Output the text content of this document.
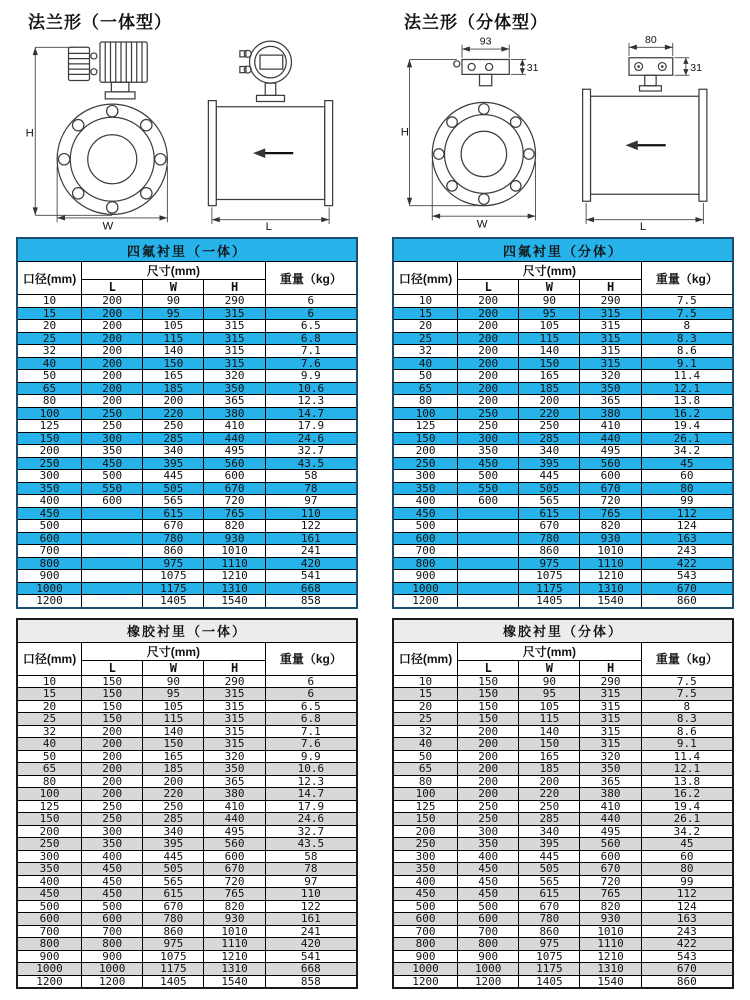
法兰形（一体型）
H
W	L
四氟衬里（一体）				
口径(mm)	尺寸(mm)			重量（kg）
	L	W	H	
10	200	90	290	6
15	200	95	315	6
20	200	105	315	6.5
25	200	115	315	6.8
32	200	140	315	7.1
40	200	150	315	7.6
50	200	165	320	9.9
65	200	185	350	10.6
80	200	200	365	12.3
100	250	220	380	14.7
125	250	250	410	17.9
150	300	285	440	24.6
200	350	340	495	32.7
250	450	395	560	43.5
300	500	445	600	58
350	550	505	670	78
400	600	565	720	97
450		615	765	110
500		670	820	122
600		780	930	161
700		860	1010	241
800		975	1110	420
900		1075	1210	541
1000		1175	1310	668
1200		1405	1540	858
橡胶衬里（一体）				
口径(mm)	尺寸(mm)			重量（kg）
	L	W	H	
10	150	90	290	6
15	150	95	315	6
20	150	105	315	6.5
25	150	115	315	6.8
32	200	140	315	7.1
40	200	150	315	7.6
50	200	165	320	9.9
65	200	185	350	10.6
80	200	200	365	12.3
100	200	220	380	14.7
125	250	250	410	17.9
150	250	285	440	24.6
200	300	340	495	32.7
250	350	395	560	43.5
300	400	445	600	58
350	450	505	670	78
400	450	565	720	97
450	450	615	765	110
500	500	670	820	122
600	600	780	930	161
700	700	860	1010	241
800	800	975	1110	420
900	900	1075	1210	541
1000	1000	1175	1310	668
1200	1200	1405	1540	858
法兰形（分体型）
93
31
H
W
80
31
L
四氟衬里（分体）				
口径(mm)	尺寸(mm)			重量（kg）
	L	W	H	
10	200	90	290	7.5
15	200	95	315	7.5
20	200	105	315	8
25	200	115	315	8.3
32	200	140	315	8.6
40	200	150	315	9.1
50	200	165	320	11.4
65	200	185	350	12.1
80	200	200	365	13.8
100	250	220	380	16.2
125	250	250	410	19.4
150	300	285	440	26.1
200	350	340	495	34.2
250	450	395	560	45
300	500	445	600	60
350	550	505	670	80
400	600	565	720	99
450		615	765	112
500		670	820	124
600		780	930	163
700		860	1010	243
800		975	1110	422
900		1075	1210	543
1000		1175	1310	670
1200		1405	1540	860
橡胶衬里（分体）				
口径(mm)	尺寸(mm)			重量（kg）
	L	W	H	
10	150	90	290	7.5
15	150	95	315	7.5
20	150	105	315	8
25	150	115	315	8.3
32	200	140	315	8.6
40	200	150	315	9.1
50	200	165	320	11.4
65	200	185	350	12.1
80	200	200	365	13.8
100	200	220	380	16.2
125	250	250	410	19.4
150	250	285	440	26.1
200	300	340	495	34.2
250	350	395	560	45
300	400	445	600	60
350	450	505	670	80
400	450	565	720	99
450	450	615	765	112
500	500	670	820	124
600	600	780	930	163
700	700	860	1010	243
800	800	975	1110	422
900	900	1075	1210	543
1000	1000	1175	1310	670
1200	1200	1405	1540	860
